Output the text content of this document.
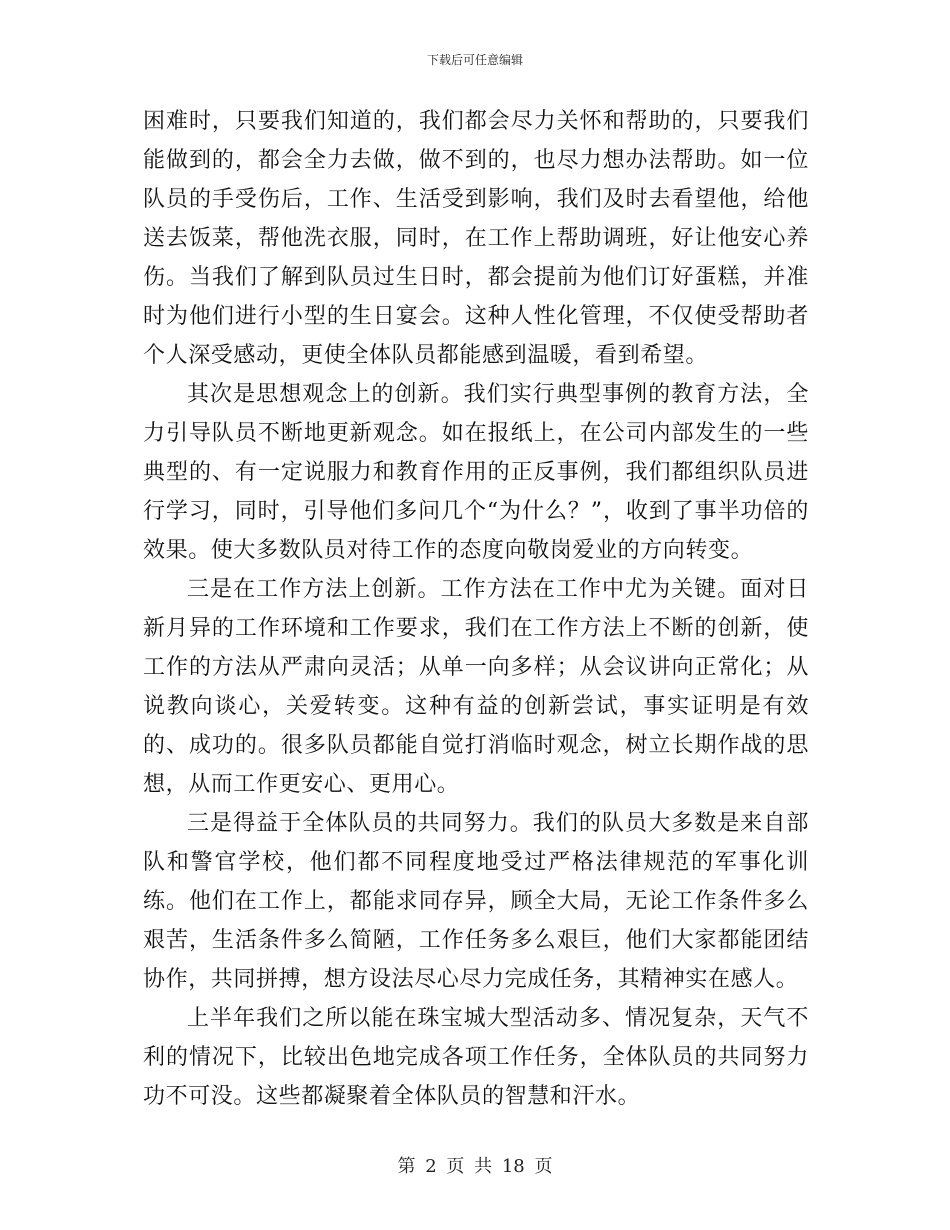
下载后可任意编辑

困难时，只要我们知道的，我们都会尽力关怀和帮助的，只要我们能做到的，都会全力去做，做不到的，也尽力想办法帮助。如一位队员的手受伤后，工作、生活受到影响，我们及时去看望他，给他送去饭菜，帮他洗衣服，同时，在工作上帮助调班，好让他安心养伤。当我们了解到队员过生日时，都会提前为他们订好蛋糕，并准时为他们进行小型的生日宴会。这种人性化管理，不仅使受帮助者个人深受感动，更使全体队员都能感到温暖，看到希望。

其次是思想观念上的创新。我们实行典型事例的教育方法，全力引导队员不断地更新观念。如在报纸上，在公司内部发生的一些典型的、有一定说服力和教育作用的正反事例，我们都组织队员进行学习，同时，引导他们多问几个“为什么？”，收到了事半功倍的效果。使大多数队员对待工作的态度向敬岗爱业的方向转变。

三是在工作方法上创新。工作方法在工作中尤为关键。面对日新月异的工作环境和工作要求，我们在工作方法上不断的创新，使工作的方法从严肃向灵活；从单一向多样；从会议讲向正常化；从说教向谈心，关爱转变。这种有益的创新尝试，事实证明是有效的、成功的。很多队员都能自觉打消临时观念，树立长期作战的思想，从而工作更安心、更用心。

三是得益于全体队员的共同努力。我们的队员大多数是来自部队和警官学校，他们都不同程度地受过严格法律规范的军事化训练。他们在工作上，都能求同存异，顾全大局，无论工作条件多么艰苦，生活条件多么简陋，工作任务多么艰巨，他们大家都能团结协作，共同拼搏，想方设法尽心尽力完成任务，其精神实在感人。

上半年我们之所以能在珠宝城大型活动多、情况复杂，天气不利的情况下，比较出色地完成各项工作任务，全体队员的共同努力功不可没。这些都凝聚着全体队员的智慧和汗水。

第 2 页 共 18 页
